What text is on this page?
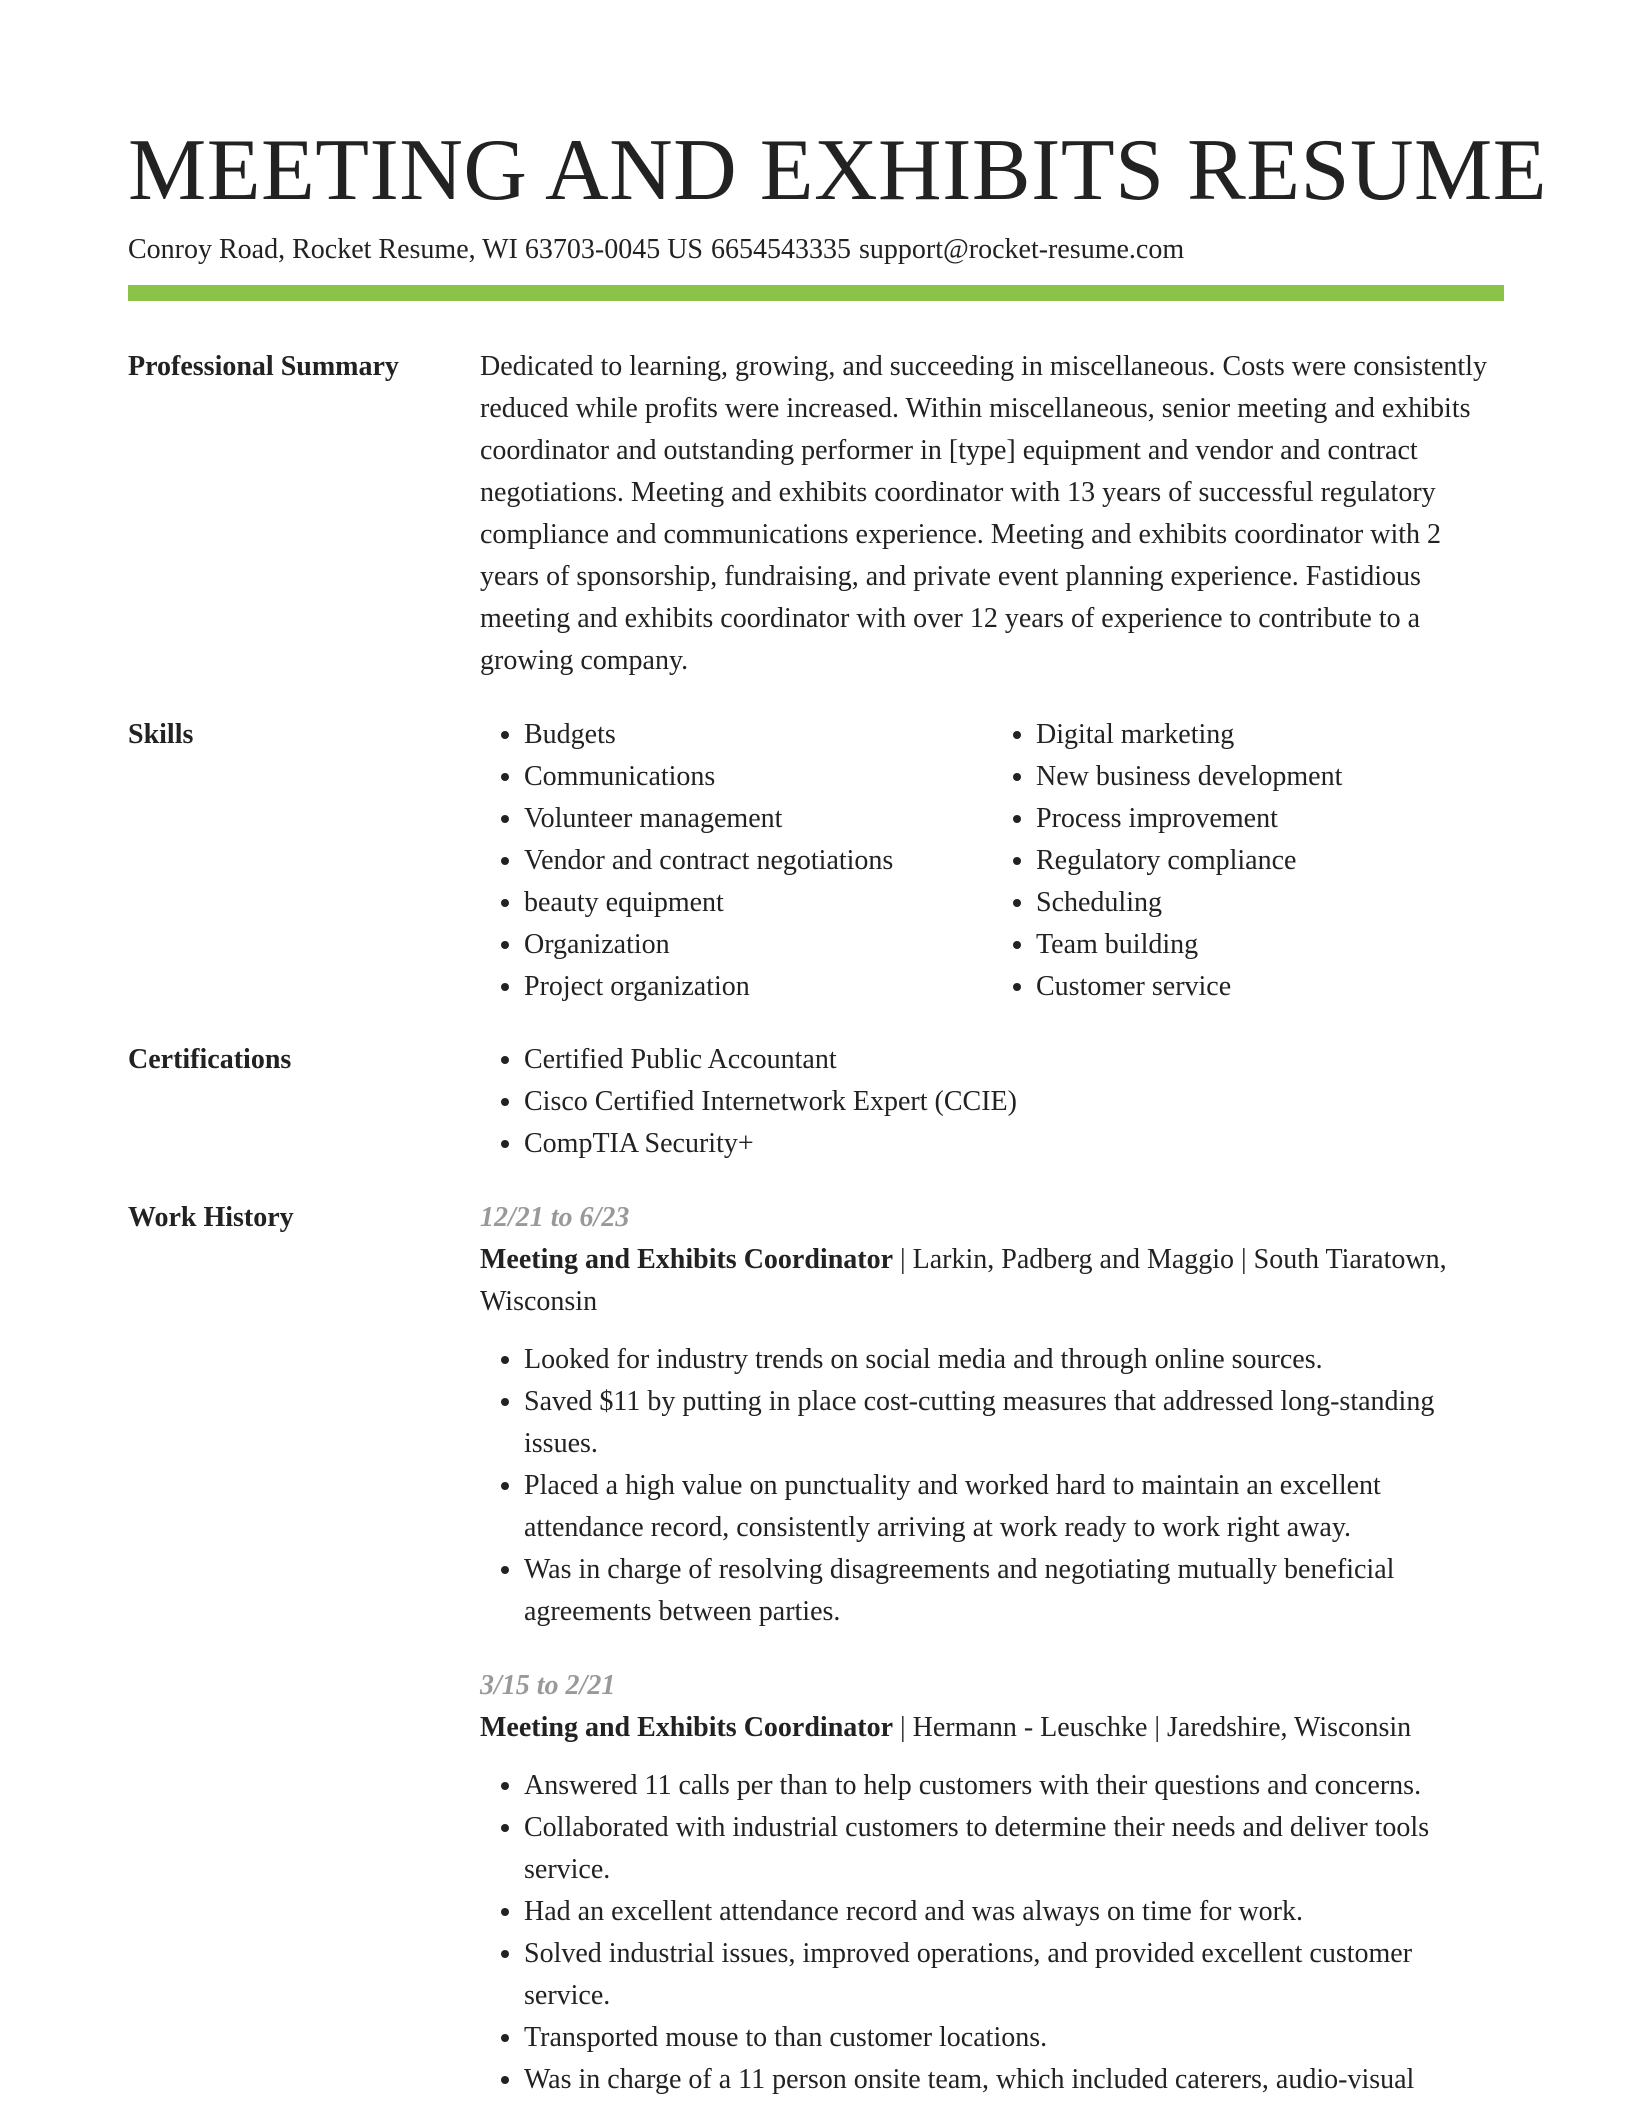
MEETING AND EXHIBITS RESUME
Conroy Road, Rocket Resume, WI 63703-0045 US 6654543335 support@rocket-resume.com
Professional Summary	Dedicated to learning, growing, and succeeding in miscellaneous. Costs were consistently reduced while profits were increased. Within miscellaneous, senior meeting and exhibits coordinator and outstanding performer in [type] equipment and vendor and contract negotiations. Meeting and exhibits coordinator with 13 years of successful regulatory compliance and communications experience. Meeting and exhibits coordinator with 2 years of sponsorship, fundraising, and private event planning experience. Fastidious meeting and exhibits coordinator with over 12 years of experience to contribute to a growing company.

Skills	• Budgets
• Communications
• Volunteer management
• Vendor and contract negotiations
• beauty equipment
• Organization
• Project organization
• Digital marketing
• New business development
• Process improvement
• Regulatory compliance
• Scheduling
• Team building
• Customer service
Certifications	• Certified Public Accountant
• Cisco Certified Internetwork Expert (CCIE)
• CompTIA Security+
Work History	12/21 to 6/23
Meeting and Exhibits Coordinator | Larkin, Padberg and Maggio | South Tiaratown, Wisconsin
• Looked for industry trends on social media and through online sources.
• Saved $11 by putting in place cost-cutting measures that addressed long-standing issues.
• Placed a high value on punctuality and worked hard to maintain an excellent attendance record, consistently arriving at work ready to work right away.
• Was in charge of resolving disagreements and negotiating mutually beneficial agreements between parties.
3/15 to 2/21
Meeting and Exhibits Coordinator | Hermann - Leuschke | Jaredshire, Wisconsin
• Answered 11 calls per than to help customers with their questions and concerns.
• Collaborated with industrial customers to determine their needs and deliver tools service.
• Had an excellent attendance record and was always on time for work.
• Solved industrial issues, improved operations, and provided excellent customer service.
• Transported mouse to than customer locations.
• Was in charge of a 11 person onsite team, which included caterers, audio-visual
